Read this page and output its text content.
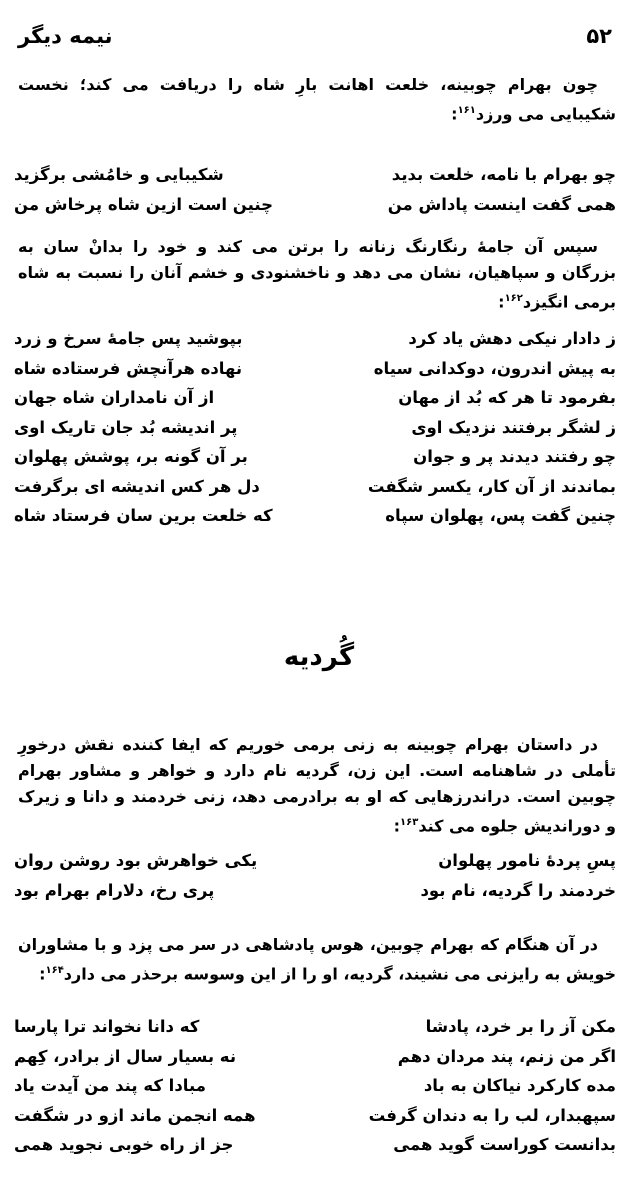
۵۲
نیمه دیگر
چون بهرام چوبینه، خلعت اهانت بارِ شاه را دریافت می کند؛ نخست شکیبایی می ورزد$^{۱۶۱}$:
چو بهرام با نامه، خلعت بدید
شکیبایی و خامُشی برگزید
همی گفت اینست پاداش من
چنین است ازین شاه پرخاش من
سپس آن جامهٔ رنگارنگ زنانه را برتن می کند و خود را بدانْ سان به بزرگان و سپاهیان، نشان می دهد و ناخشنودی و خشم آنان را نسبت به شاه برمی انگیزد$^{۱۶۲}$:
ز دادار نیکی دهش یاد کرد
بپوشید پس جامهٔ سرخ و زرد
به پیش اندرون، دوکدانی سیاه
نهاده هرآنچش فرستاده شاه
بفرمود تا هر که بُد از مهان
از آن نامداران شاه جهان
ز لشگر برفتند نزدیک اوی
پر اندیشه بُد جان تاریک اوی
چو رفتند دیدند پر و جوان
بر آن گونه بر، پوشش پهلوان
بماندند از آن کار، یکسر شگفت
دل هر کس اندیشه ای برگرفت
چنین گفت پس، پهلوان سپاه
که خلعت برین سان فرستاد شاه
گُردیه
در داستان بهرام چوبینه به زنی برمی خوریم که ایفا کننده نقش درخورِ تأملی در شاهنامه است. این زن، گردیه نام دارد و خواهر و مشاور بهرام چوبین است. دراندرزهایی که او به برادرمی دهد، زنی خردمند و دانا و زیرک و دوراندیش جلوه می کند$^{۱۶۳}$:
پسِ پردهٔ نامور پهلوان
یکی خواهرش بود روشن روان
خردمند را گردیه، نام بود
پری رخ، دلارام بهرام بود
در آن هنگام که بهرام چوبین، هوس پادشاهی در سر می پزد و با مشاوران خویش به رایزنی می نشیند، گردیه، او را از این وسوسه برحذر می دارد$^{۱۶۴}$:
مکن آز را بر خرد، پادشا
که دانا نخواند ترا پارسا
اگر من زنم، پند مردان دهم
نه بسیار سال از برادر، کِهم
مده کارکرد نیاکان به باد
مبادا که پند من آیدت یاد
سپهبدار، لب را به دندان گرفت
همه انجمن ماند ازو در شگفت
بدانست کوراست گوید همی
جز از راه خوبی نجوید همی
